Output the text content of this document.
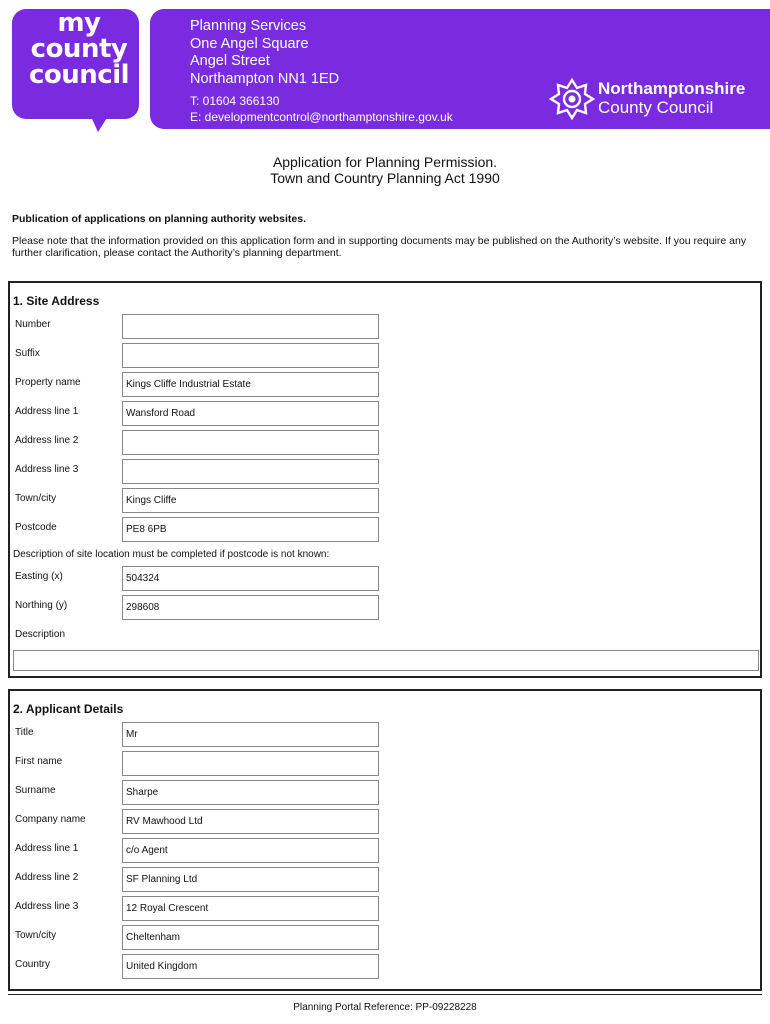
my
county
council
Planning Services
One Angel Square
Angel Street
Northampton NN1 1ED
T: 01604 366130
E: developmentcontrol@northamptonshire.gov.uk
Northamptonshire
County Council
Application for Planning Permission.
Town and Country Planning Act 1990
Publication of applications on planning authority websites.
Please note that the information provided on this application form and in supporting documents may be published on the Authority’s website. If you require any further clarification, please contact the Authority’s planning department.
1. Site Address
Number
Suffix
Property name	Kings Cliffe Industrial Estate
Address line 1	Wansford Road
Address line 2
Address line 3
Town/city	Kings Cliffe
Postcode	PE8 6PB
Description of site location must be completed if postcode is not known:
Easting (x)	504324
Northing (y)	298608
Description
2. Applicant Details
Title	Mr
First name
Surname	Sharpe
Company name	RV Mawhood Ltd
Address line 1	c/o Agent
Address line 2	SF Planning Ltd
Address line 3	12 Royal Crescent
Town/city	Cheltenham
Country	United Kingdom
Planning Portal Reference: PP-09228228
